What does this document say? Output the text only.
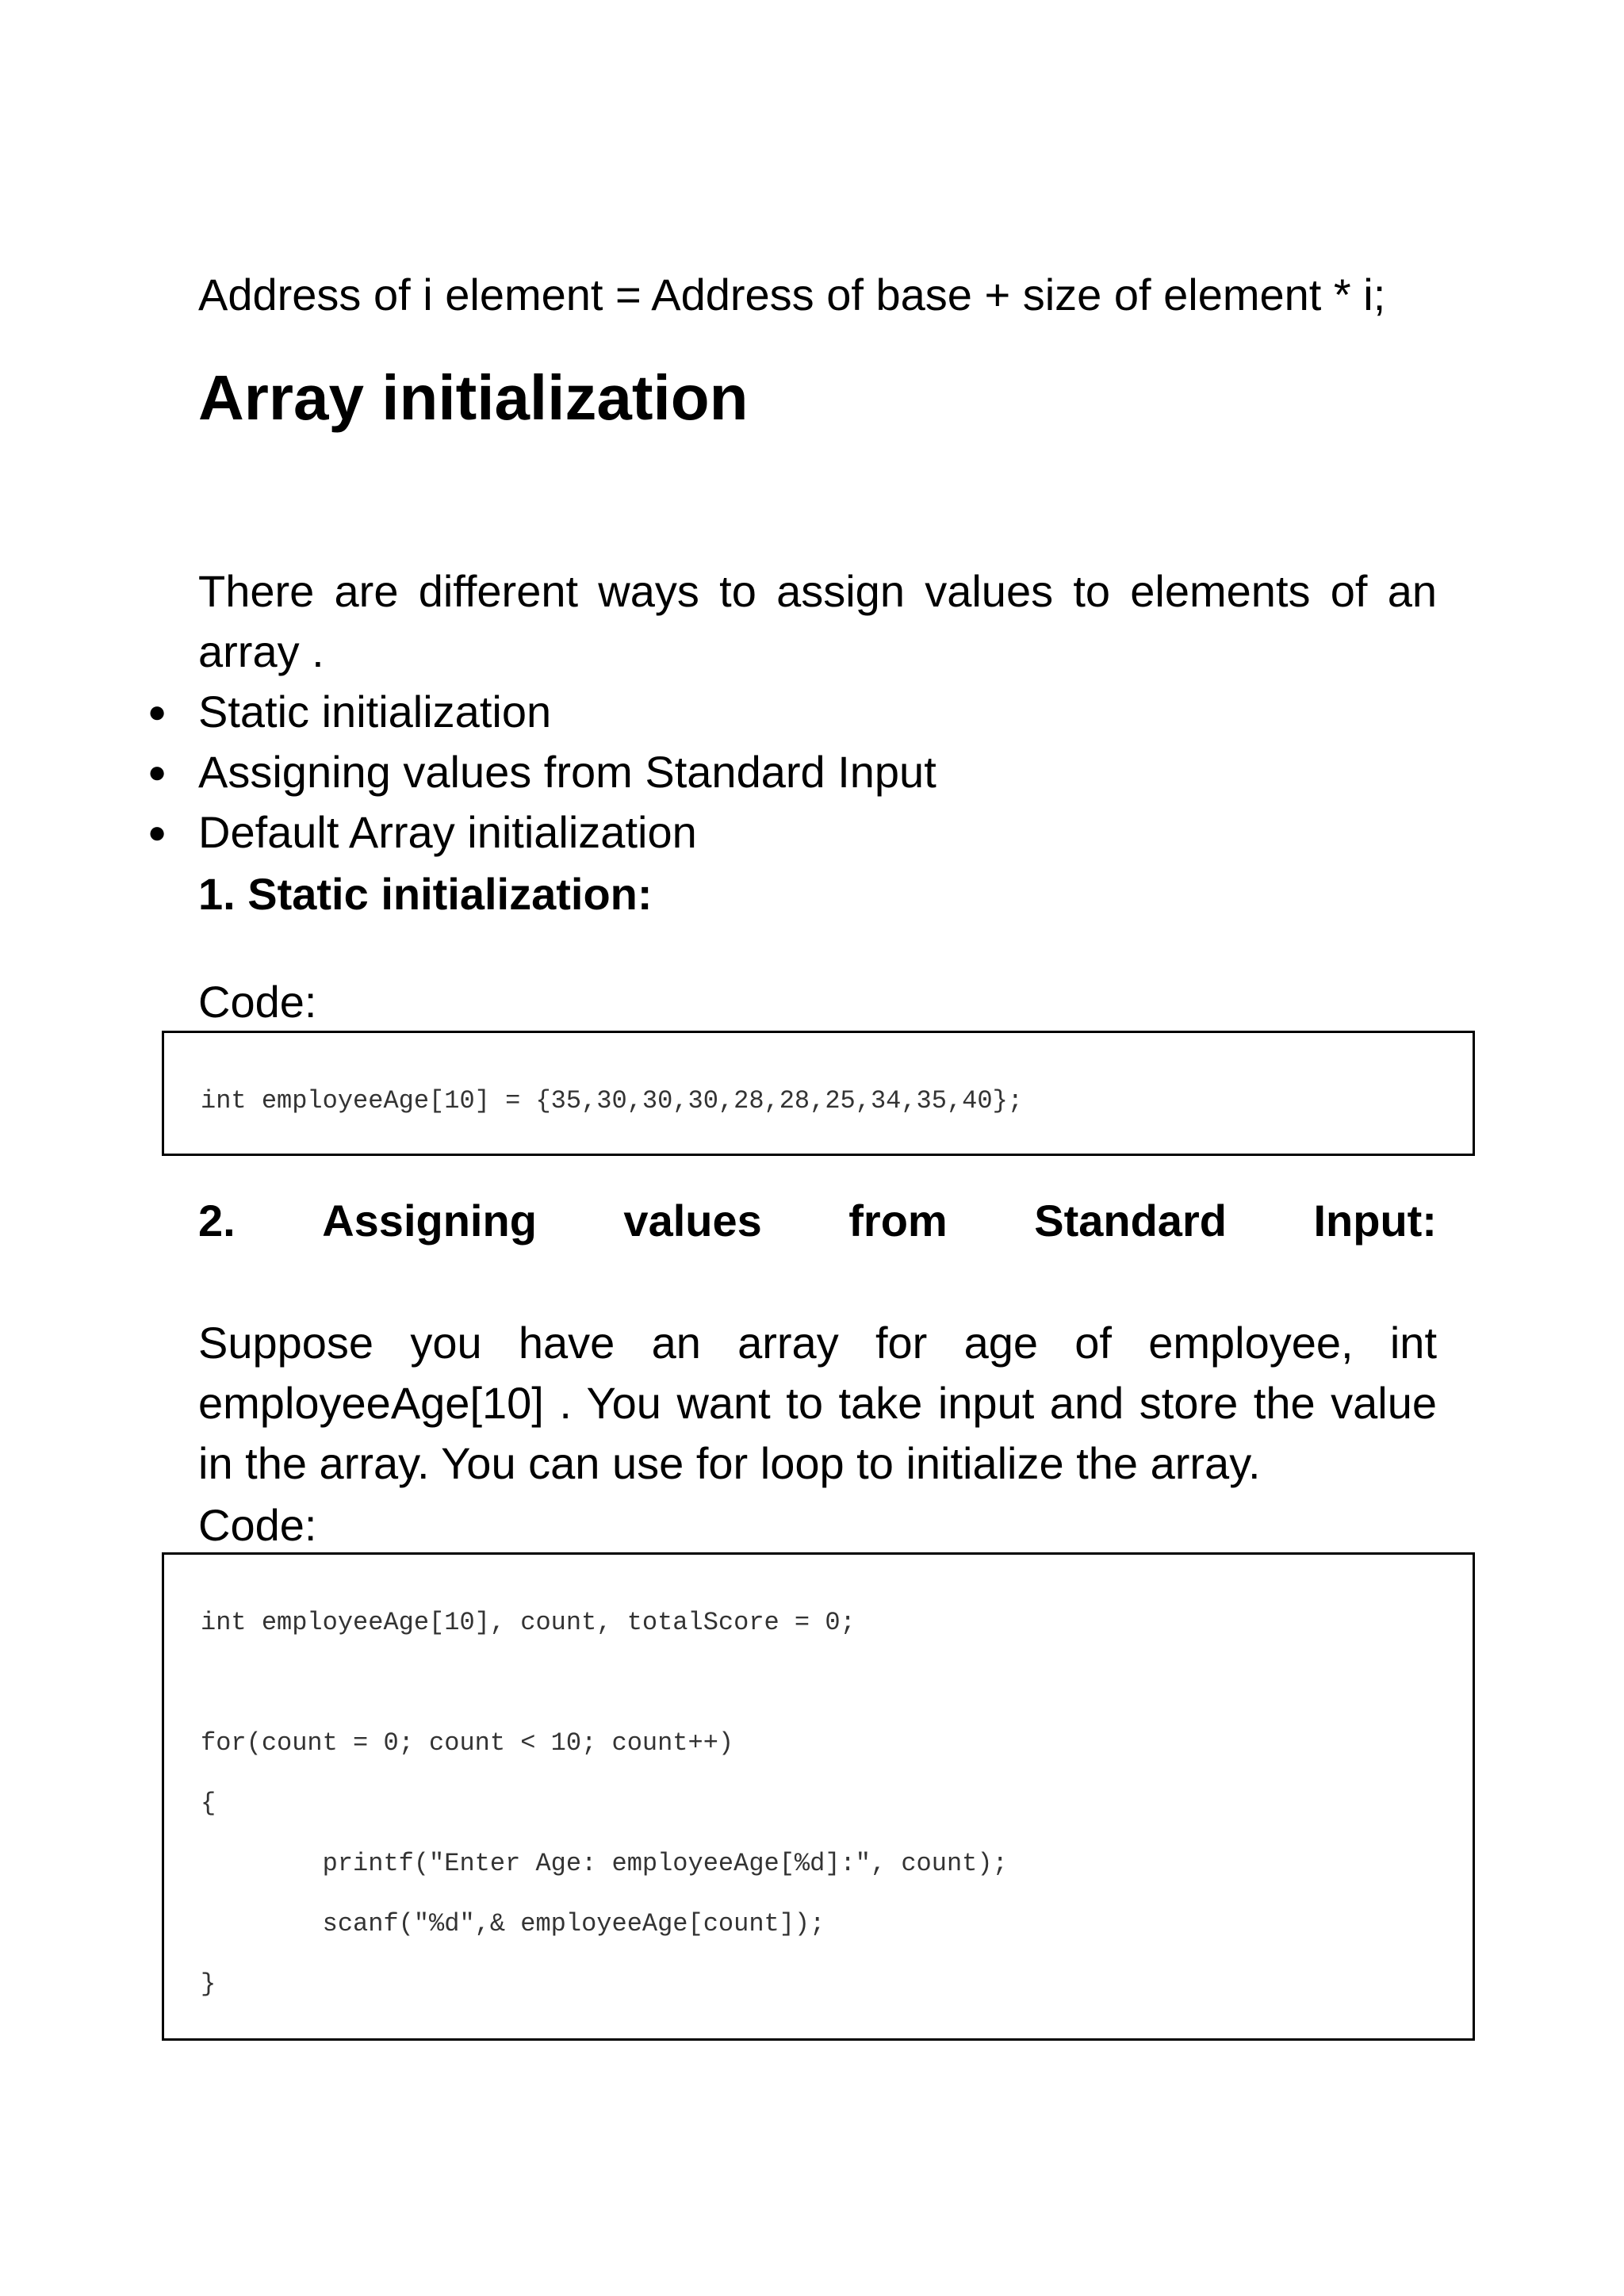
Address of i element = Address of base + size of element * i;
Array initialization

There are different ways to assign values to elements of an array .

● Static initialization
● Assigning values from Standard Input
● Default Array initialization
1. Static initialization:
Code:
2. Assigning values from Standard Input:

Suppose you have an array for age of employee, int employeeAge[10] . You want to take input and store the value in the array. You can use for loop to initialize the array.

Code:
int employeeAge[10] = {35,30,30,30,28,28,25,34,35,40};
int employeeAge[10], count, totalScore = 0;
for(count = 0; count < 10; count++)
{
printf("Enter Age: employeeAge[%d]:", count);
scanf("%d",& employeeAge[count]);
}
